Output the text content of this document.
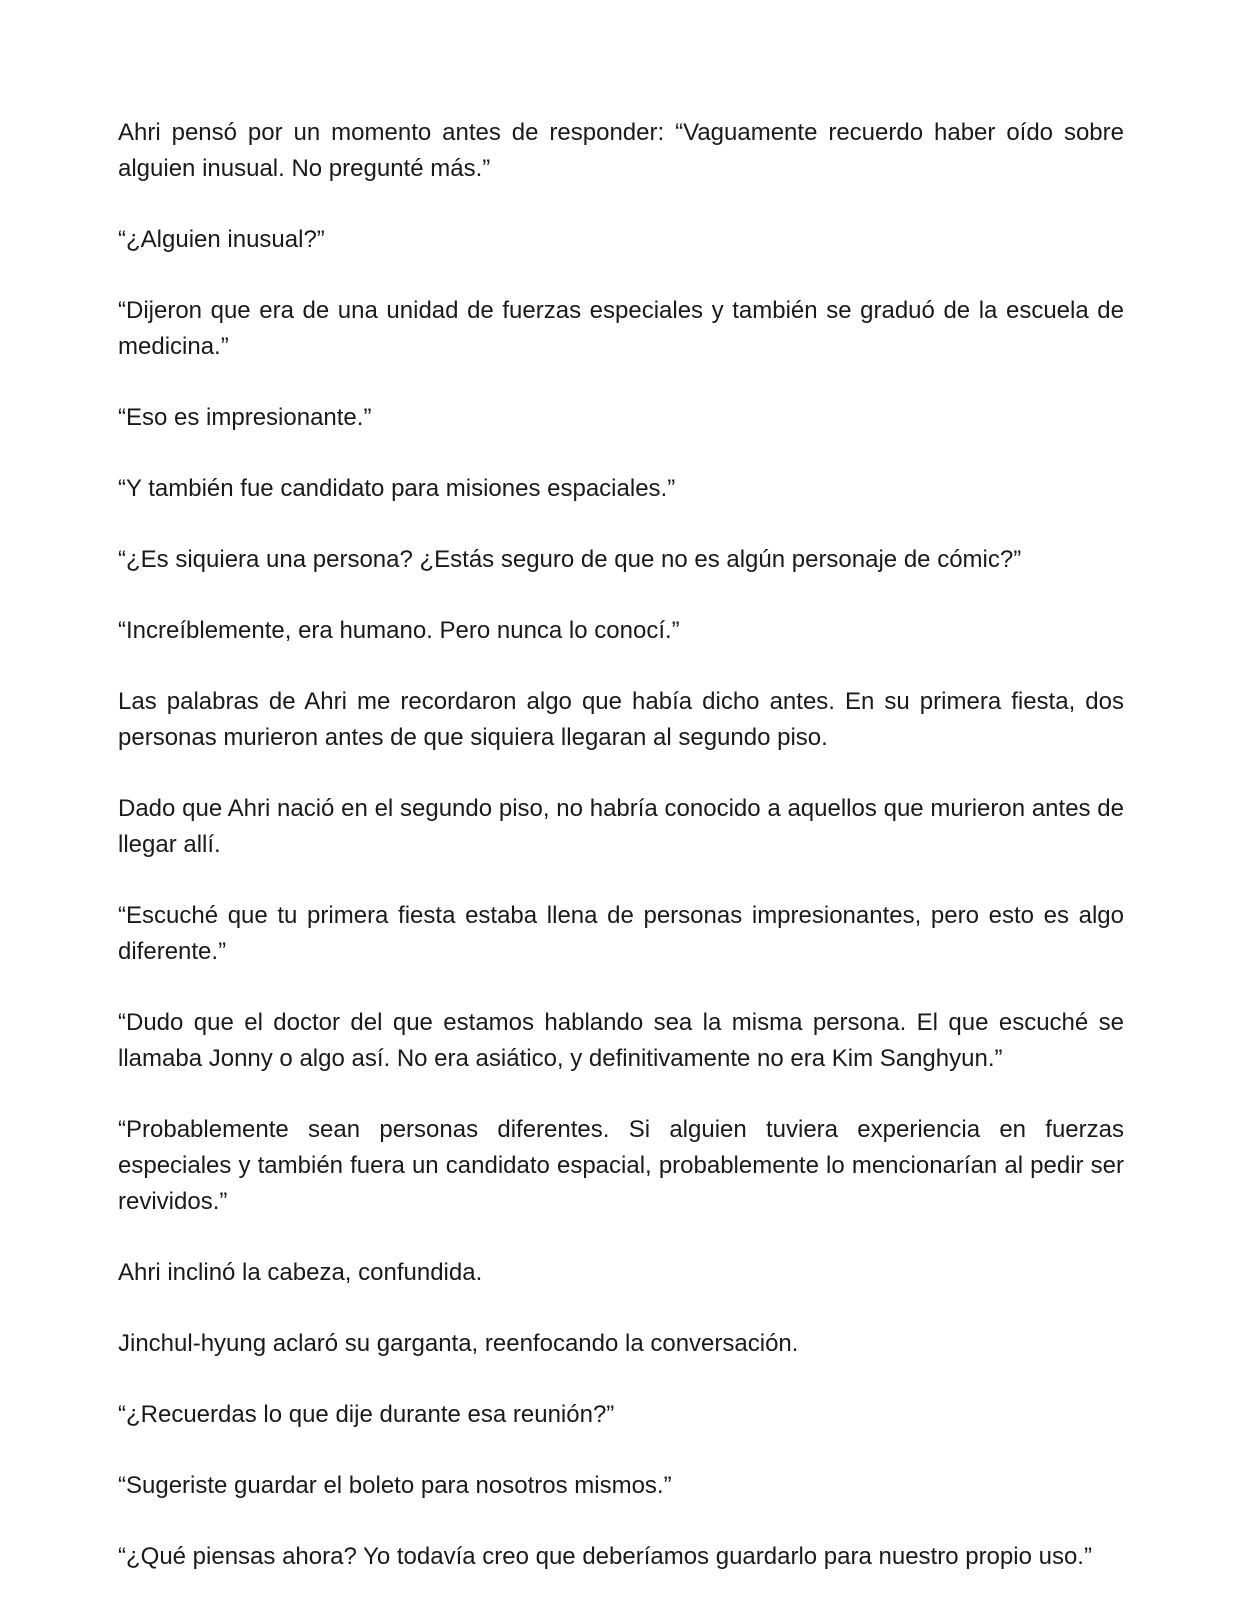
Ahri pensó por un momento antes de responder: “Vaguamente recuerdo haber oído sobre alguien inusual. No pregunté más.”

“¿Alguien inusual?”

“Dijeron que era de una unidad de fuerzas especiales y también se graduó de la escuela de medicina.”

“Eso es impresionante.”

“Y también fue candidato para misiones espaciales.”

“¿Es siquiera una persona? ¿Estás seguro de que no es algún personaje de cómic?”

“Increíblemente, era humano. Pero nunca lo conocí.”

Las palabras de Ahri me recordaron algo que había dicho antes. En su primera fiesta, dos personas murieron antes de que siquiera llegaran al segundo piso.

Dado que Ahri nació en el segundo piso, no habría conocido a aquellos que murieron antes de llegar allí.

“Escuché que tu primera fiesta estaba llena de personas impresionantes, pero esto es algo diferente.”

“Dudo que el doctor del que estamos hablando sea la misma persona. El que escuché se llamaba Jonny o algo así. No era asiático, y definitivamente no era Kim Sanghyun.”

“Probablemente sean personas diferentes. Si alguien tuviera experiencia en fuerzas especiales y también fuera un candidato espacial, probablemente lo mencionarían al pedir ser revividos.”

Ahri inclinó la cabeza, confundida.

Jinchul-hyung aclaró su garganta, reenfocando la conversación.

“¿Recuerdas lo que dije durante esa reunión?”

“Sugeriste guardar el boleto para nosotros mismos.”

“¿Qué piensas ahora? Yo todavía creo que deberíamos guardarlo para nuestro propio uso.”
